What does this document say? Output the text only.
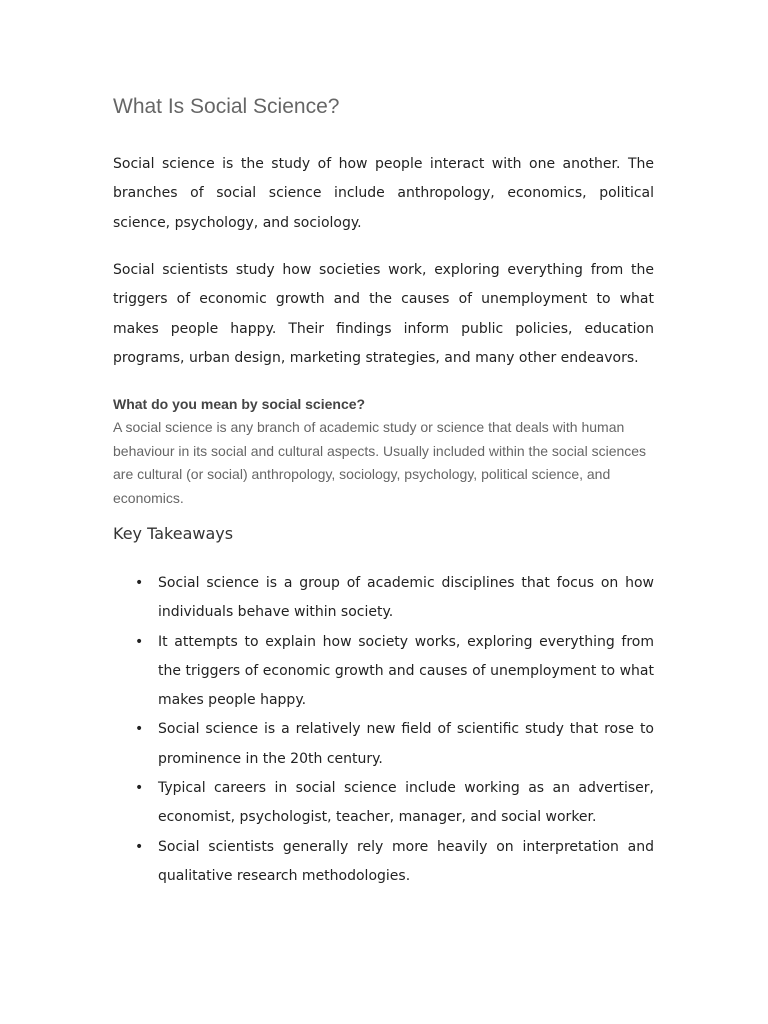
What Is Social Science?

Social science is the study of how people interact with one another. The branches of social science include anthropology, economics, political science, psychology, and sociology.

Social scientists study how societies work, exploring everything from the triggers of economic growth and the causes of unemployment to what makes people happy. Their findings inform public policies, education programs, urban design, marketing strategies, and many other endeavors.

What do you mean by social science?

A social science is any branch of academic study or science that deals with human behaviour in its social and cultural aspects. Usually included within the social sciences are cultural (or social) anthropology, sociology, psychology, political science, and economics.

Key Takeaways
• Social science is a group of academic disciplines that focus on how individuals behave within society.
• It attempts to explain how society works, exploring everything from the triggers of economic growth and causes of unemployment to what makes people happy.
• Social science is a relatively new field of scientific study that rose to prominence in the 20th century.
• Typical careers in social science include working as an advertiser, economist, psychologist, teacher, manager, and social worker.
• Social scientists generally rely more heavily on interpretation and qualitative research methodologies.
